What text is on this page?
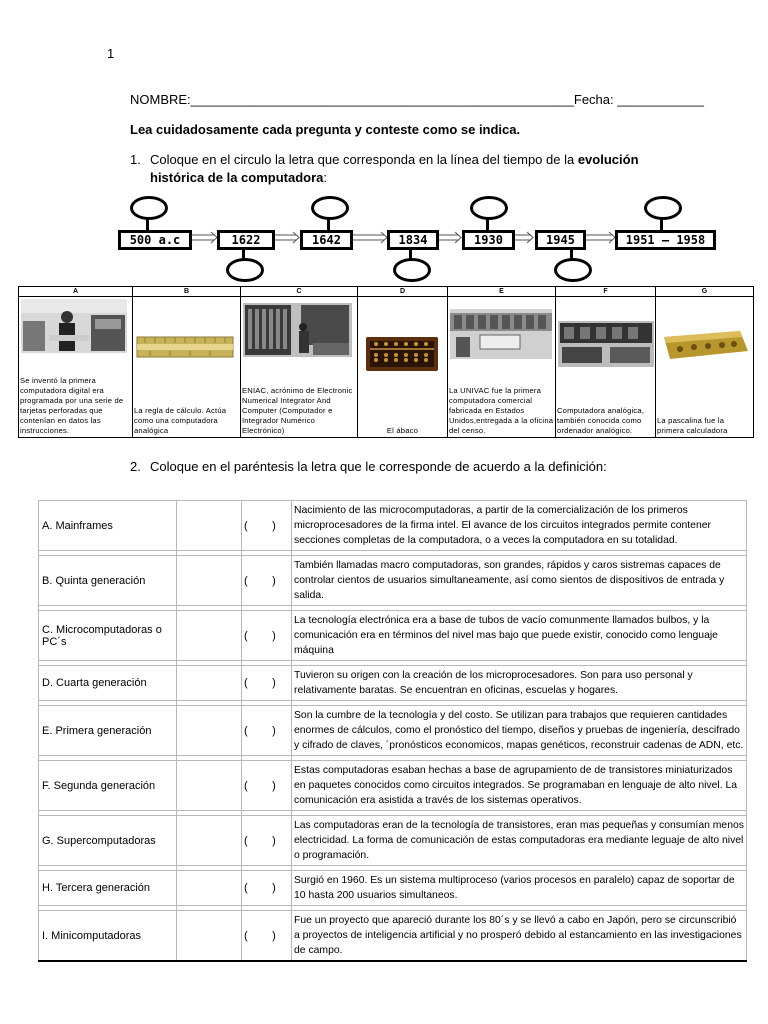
1
NOMBRE:_____________________________________________________Fecha: ____________
Lea cuidadosamente cada pregunta y conteste como se indica.
1. Coloque en el circulo la letra que corresponda en la línea del tiempo de la evolución histórica de la computadora:
500 a.c	1622	1642	1834	1930	1945	1951 – 1958
A	B	C	D	E	F	G

Se inventó la primera computadora digital era programada por una serie de tarjetas perforadas que contenían en datos las instrucciones.	La regla de cálculo. Actúa como una computadora analógica	ENIAC, acrónimo de Electronic Numerical Integrator And Computer (Computador e Integrador Numérico Electrónico)	El ábaco	La UNIVAC fue la primera computadora comercial fabricada en Estados Unidos,entregada a la oficina del censo.	Computadora analógica, también conocida como ordenador analógico.	La pascalina fue la primera calculadora
2. Coloque en el paréntesis la letra que le corresponde de acuerdo a la definición:
A. Mainframes		(        )	Nacimiento de las microcomputadoras, a partir de la comercialización de los primeros microprocesadores de la firma intel. El avance de los circuitos integrados permite contener secciones completas de la computadora, o a veces la computadora en su totalidad.

B. Quinta generación		(        )	También llamadas macro computadoras, son grandes, rápidos y caros sistremas capaces de controlar cientos de usuarios simultaneamente, así como sientos de dispositivos de entrada y salida.

C. Microcomputadoras o PC´s		(        )	La tecnología electrónica era a base de tubos de vacío comunmente llamados bulbos, y la comunicación era en términos del nivel mas bajo que puede existir, conocido como lenguaje máquina

D. Cuarta generación		(        )	Tuvieron su origen con la creación de los microprocesadores. Son para uso personal y relativamente baratas. Se encuentran en oficinas, escuelas y hogares.

E. Primera generación		(        )	Son la cumbre de la tecnología y del costo. Se utilizan para trabajos que requieren cantidades enormes de cálculos, como el pronóstico del tiempo, diseños y pruebas de ingeniería, descifrado y cifrado de claves, ´pronósticos economicos, mapas genéticos, reconstruir cadenas de ADN, etc.

F. Segunda generación		(        )	Estas computadoras esaban hechas a base de agrupamiento de de transistores miniaturizados en paquetes conocidos como circuitos integrados. Se programaban en lenguaje de alto nivel. La comunicación era asistida a través de los sistemas operativos.

G. Supercomputadoras		(        )	Las computadoras eran de la tecnología de transistores, eran mas pequeñas y consumían menos electricidad. La forma de comunicación de estas computadoras era mediante leguaje de alto nivel o programación.

H. Tercera generación		(        )	Surgió en 1960. Es un sistema multiproceso (varios procesos en paralelo) capaz de soportar de 10 hasta 200 usuarios simultaneos.

I. Minicomputadoras		(        )	Fue un proyecto que apareció durante los 80´s y se llevó a cabo en Japón, pero se circunscribió a proyectos de inteligencia artificial y no prosperó debido al estancamiento en las investigaciones de campo.
